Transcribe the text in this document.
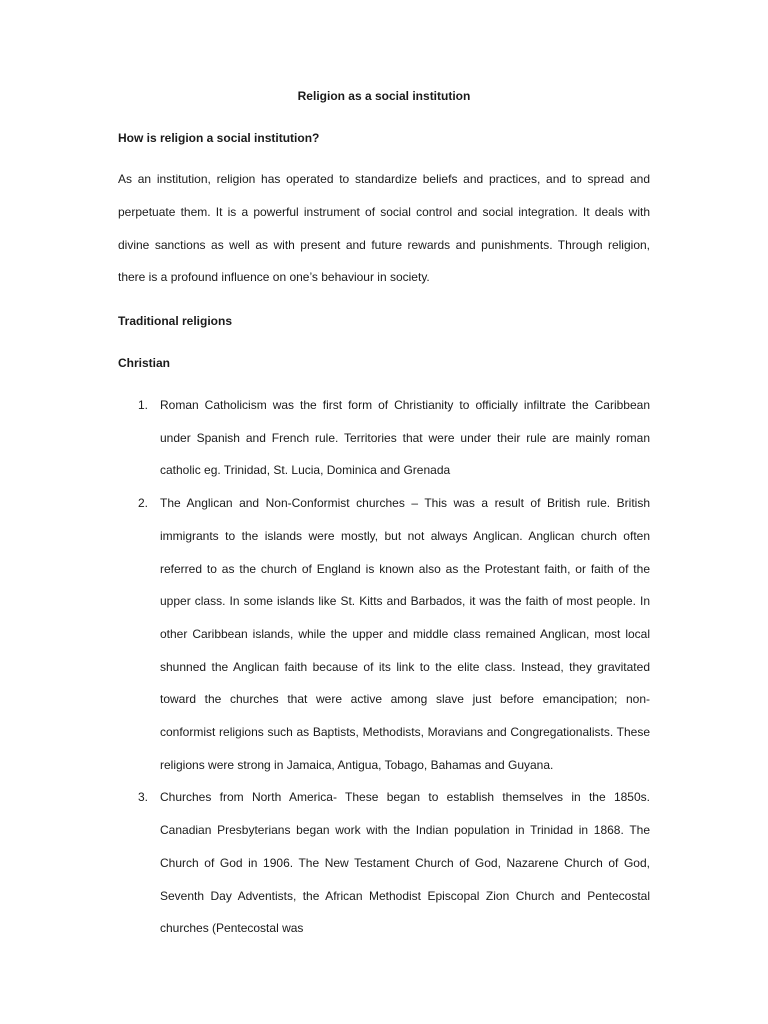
Religion as a social institution
How is religion a social institution?

As an institution, religion has operated to standardize beliefs and practices, and to spread and perpetuate them. It is a powerful instrument of social control and social integration. It deals with divine sanctions as well as with present and future rewards and punishments. Through religion, there is a profound influence on one’s behaviour in society.

Traditional religions
Christian
1. Roman Catholicism was the first form of Christianity to officially infiltrate the Caribbean under Spanish and French rule. Territories that were under their rule are mainly roman catholic eg. Trinidad, St. Lucia, Dominica and Grenada
2. The Anglican and Non-Conformist churches – This was a result of British rule. British immigrants to the islands were mostly, but not always Anglican. Anglican church often referred to as the church of England is known also as the Protestant faith, or faith of the upper class. In some islands like St. Kitts and Barbados, it was the faith of most people. In other Caribbean islands, while the upper and middle class remained Anglican, most local shunned the Anglican faith because of its link to the elite class. Instead, they gravitated toward the churches that were active among slave just before emancipation; non- conformist religions such as Baptists, Methodists, Moravians and Congregationalists. These religions were strong in Jamaica, Antigua, Tobago, Bahamas and Guyana.
3. Churches from North America- These began to establish themselves in the 1850s. Canadian Presbyterians began work with the Indian population in Trinidad in 1868. The Church of God in 1906. The New Testament Church of God, Nazarene Church of God, Seventh Day Adventists, the African Methodist Episcopal Zion Church and Pentecostal churches (Pentecostal was
